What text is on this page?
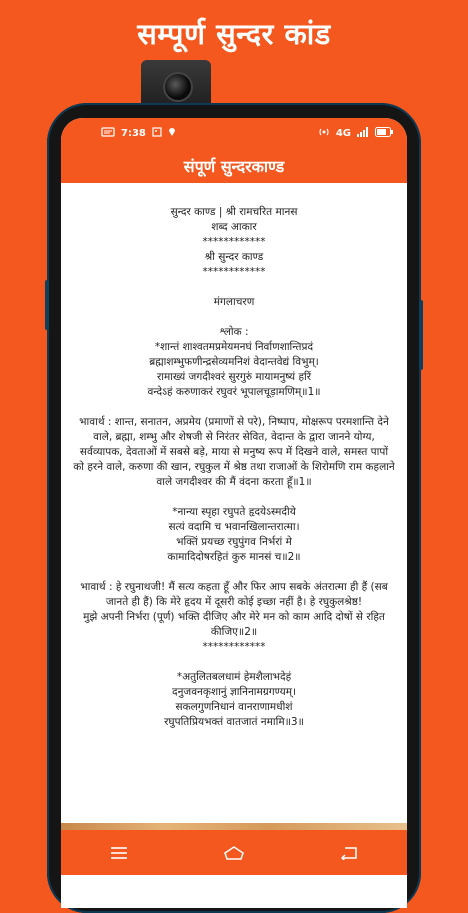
सम्पूर्ण सुन्दर कांड
7:38	4G
संपूर्ण सुन्दरकाण्ड
सुन्दर काण्ड | श्री रामचरित मानस
शब्द आकार
************
श्री सुन्दर काण्ड
************
मंगलाचरण
श्लोक :
*शान्तं शाश्वतमप्रमेयमनघं निर्वाणशान्तिप्रदं
ब्रह्माशम्भुफणीन्द्रसेव्यमनिशं वेदान्तवेद्यं विभुम्‌।
रामाख्यं जगदीश्वरं सुरगुरुं मायामनुष्यं हरिं
वन्देऽहं करुणाकरं रघुवरं भूपालचूड़ामणिम्‌॥1॥
भावार्थ : शान्त, सनातन, अप्रमेय (प्रमाणों से परे), निष्पाप, मोक्षरूप परमशान्ति देने वाले, ब्रह्मा, शम्भु और शेषजी से निरंतर सेवित, वेदान्त के द्वारा जानने योग्य,
सर्वव्यापक, देवताओं में सबसे बड़े, माया से मनुष्य रूप में दिखने वाले, समस्त पापों को हरने वाले, करुणा की खान, रघुकुल में श्रेष्ठ तथा राजाओं के शिरोमणि राम कहलाने वाले जगदीश्वर की मैं वंदना करता हूँ॥1॥
*नान्या स्पृहा रघुपते हृदयेऽस्मदीये
सत्यं वदामि च भवानखिलान्तरात्मा।
भक्तिं प्रयच्छ रघुपुंगव निर्भरां मे
कामादिदोषरहितं कुरु मानसं च॥2॥
भावार्थ : हे रघुनाथजी! मैं सत्य कहता हूँ और फिर आप सबके अंतरात्मा ही हैं (सब जानते ही हैं) कि मेरे हृदय में दूसरी कोई इच्छा नहीं है। हे रघुकुलश्रेष्ठ!
मुझे अपनी निर्भरा (पूर्ण) भक्ति दीजिए और मेरे मन को काम आदि दोषों से रहित कीजिए॥2॥
************
*अतुलितबलधामं हेमशैलाभदेहं
दनुजवनकृशानुं ज्ञानिनामग्रगण्यम्‌।
सकलगुणनिधानं वानराणामधीशं
रघुपतिप्रियभक्तं वातजातं नमामि॥3॥
